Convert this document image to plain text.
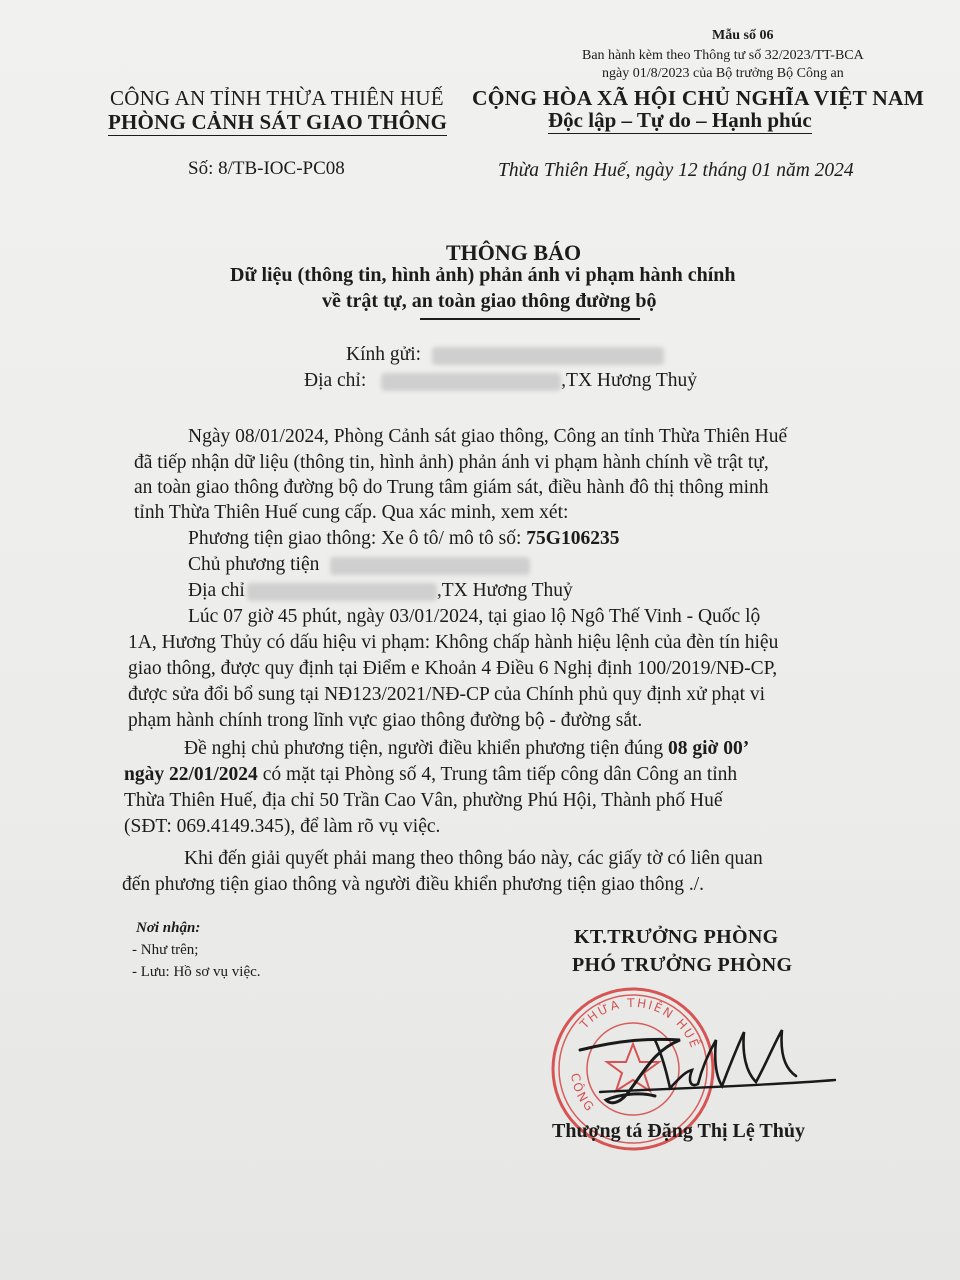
Mẫu số 06
Ban hành kèm theo Thông tư số 32/2023/TT-BCA
ngày 01/8/2023 của Bộ trưởng Bộ Công an
CÔNG AN TỈNH THỪA THIÊN HUẾ
PHÒNG CẢNH SÁT GIAO THÔNG
Số: 8/TB-IOC-PC08
CỘNG HÒA XÃ HỘI CHỦ NGHĨA VIỆT NAM
Độc lập – Tự do – Hạnh phúc
Thừa Thiên Huế, ngày 12 tháng 01 năm 2024
THÔNG BÁO
Dữ liệu (thông tin, hình ảnh) phản ánh vi phạm hành chính
về trật tự, an toàn giao thông đường bộ
Kính gửi:
Địa chỉ:	,TX Hương Thuỷ
Ngày 08/01/2024, Phòng Cảnh sát giao thông, Công an tỉnh Thừa Thiên Huế
đã tiếp nhận dữ liệu (thông tin, hình ảnh) phản ánh vi phạm hành chính về trật tự,
an toàn giao thông đường bộ do Trung tâm giám sát, điều hành đô thị thông minh
tỉnh Thừa Thiên Huế cung cấp. Qua xác minh, xem xét:
Phương tiện giao thông: Xe ô tô/ mô tô số: 75G106235
Chủ phương tiện
Địa chỉ	,TX Hương Thuỷ
Lúc 07 giờ 45 phút, ngày 03/01/2024, tại giao lộ Ngô Thế Vinh - Quốc lộ
1A, Hương Thủy có dấu hiệu vi phạm: Không chấp hành hiệu lệnh của đèn tín hiệu
giao thông, được quy định tại Điểm e Khoản 4 Điều 6 Nghị định 100/2019/NĐ-CP,
được sửa đổi bổ sung tại NĐ123/2021/NĐ-CP của Chính phủ quy định xử phạt vi
phạm hành chính trong lĩnh vực giao thông đường bộ - đường sắt.
Đề nghị chủ phương tiện, người điều khiển phương tiện đúng 08 giờ 00’
ngày 22/01/2024 có mặt tại Phòng số 4, Trung tâm tiếp công dân Công an tỉnh
Thừa Thiên Huế, địa chỉ 50 Trần Cao Vân, phường Phú Hội, Thành phố Huế
(SĐT: 069.4149.345), để làm rõ vụ việc.
Khi đến giải quyết phải mang theo thông báo này, các giấy tờ có liên quan
đến phương tiện giao thông và người điều khiển phương tiện giao thông ./.
Nơi nhận:
- Như trên;
- Lưu: Hồ sơ vụ việc.
KT.TRƯỞNG PHÒNG
PHÓ TRƯỞNG PHÒNG
THỪA THIÊN HUẾ
CÔNG
Thượng tá Đặng Thị Lệ Thủy
